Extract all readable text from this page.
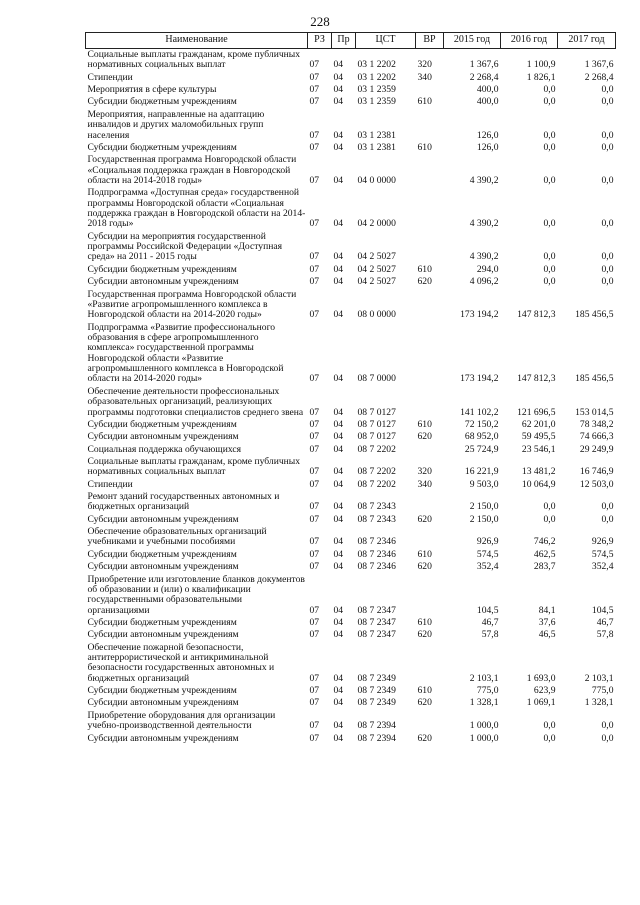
228
Наименование	РЗ	Пр	ЦСТ	ВР	2015 год	2016 год	2017 год
Социальные выплаты гражданам, кроме публичных нормативных социальных выплат	07	04	03 1 2202	320	1 367,6	1 100,9	1 367,6
Стипендии	07	04	03 1 2202	340	2 268,4	1 826,1	2 268,4
Мероприятия в сфере культуры	07	04	03 1 2359		400,0	0,0	0,0
Субсидии бюджетным учреждениям	07	04	03 1 2359	610	400,0	0,0	0,0
Мероприятия, направленные на адаптацию инвалидов и других маломобильных групп населения	07	04	03 1 2381		126,0	0,0	0,0
Субсидии бюджетным учреждениям	07	04	03 1 2381	610	126,0	0,0	0,0
Государственная программа Новгородской области «Социальная поддержка граждан в Новгородской области на 2014-2018 годы»	07	04	04 0 0000		4 390,2	0,0	0,0
Подпрограмма «Доступная среда» государственной программы Новгородской области «Социальная поддержка граждан в Новгородской области на 2014-2018 годы»	07	04	04 2 0000		4 390,2	0,0	0,0
Субсидии на мероприятия государственной программы Российской Федерации «Доступная среда» на 2011 - 2015 годы	07	04	04 2 5027		4 390,2	0,0	0,0
Субсидии бюджетным учреждениям	07	04	04 2 5027	610	294,0	0,0	0,0
Субсидии автономным учреждениям	07	04	04 2 5027	620	4 096,2	0,0	0,0
Государственная программа Новгородской области «Развитие агропромышленного комплекса в Новгородской области на 2014-2020 годы»	07	04	08 0 0000		173 194,2	147 812,3	185 456,5
Подпрограмма «Развитие профессионального образования в сфере агропромышленного комплекса» государственной программы Новгородской области «Развитие агропромышленного комплекса в Новгородской области на 2014-2020 годы»	07	04	08 7 0000		173 194,2	147 812,3	185 456,5
Обеспечение деятельности профессиональных образовательных организаций, реализующих программы подготовки специалистов среднего звена	07	04	08 7 0127		141 102,2	121 696,5	153 014,5
Субсидии бюджетным учреждениям	07	04	08 7 0127	610	72 150,2	62 201,0	78 348,2
Субсидии автономным учреждениям	07	04	08 7 0127	620	68 952,0	59 495,5	74 666,3
Социальная поддержка обучающихся	07	04	08 7 2202		25 724,9	23 546,1	29 249,9
Социальные выплаты гражданам, кроме публичных нормативных социальных выплат	07	04	08 7 2202	320	16 221,9	13 481,2	16 746,9
Стипендии	07	04	08 7 2202	340	9 503,0	10 064,9	12 503,0
Ремонт зданий государственных автономных и бюджетных организаций	07	04	08 7 2343		2 150,0	0,0	0,0
Субсидии автономным учреждениям	07	04	08 7 2343	620	2 150,0	0,0	0,0
Обеспечение образовательных организаций учебниками и учебными пособиями	07	04	08 7 2346		926,9	746,2	926,9
Субсидии бюджетным учреждениям	07	04	08 7 2346	610	574,5	462,5	574,5
Субсидии автономным учреждениям	07	04	08 7 2346	620	352,4	283,7	352,4
Приобретение или изготовление бланков документов об образовании и (или) о квалификации государственными образовательными организациями	07	04	08 7 2347		104,5	84,1	104,5
Субсидии бюджетным учреждениям	07	04	08 7 2347	610	46,7	37,6	46,7
Субсидии автономным учреждениям	07	04	08 7 2347	620	57,8	46,5	57,8
Обеспечение пожарной безопасности, антитеррористической и антикриминальной безопасности государственных автономных и бюджетных организаций	07	04	08 7 2349		2 103,1	1 693,0	2 103,1
Субсидии бюджетным учреждениям	07	04	08 7 2349	610	775,0	623,9	775,0
Субсидии автономным учреждениям	07	04	08 7 2349	620	1 328,1	1 069,1	1 328,1
Приобретение оборудования для организации учебно-производственной деятельности	07	04	08 7 2394		1 000,0	0,0	0,0
Субсидии автономным учреждениям	07	04	08 7 2394	620	1 000,0	0,0	0,0
